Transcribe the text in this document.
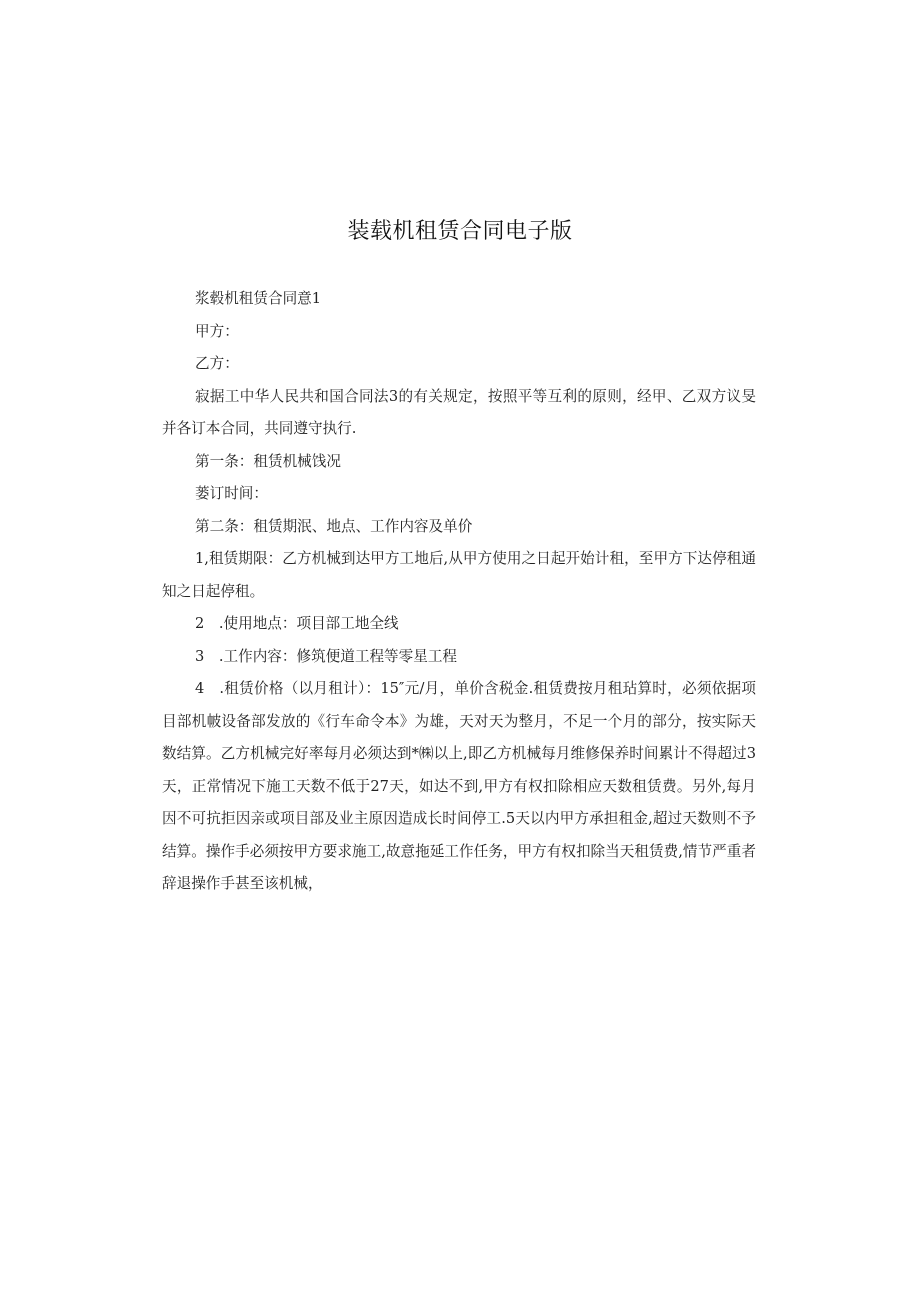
装载机租赁合同电子版

浆毂机租赁合同意1

甲方：

乙方：

寂据工中华人民共和国合同法3的有关规定，按照平等互利的原则，经甲、乙双方议旻并各订本合同，共同遵守执行.

第一条：租赁机械饯况

蒌订时间：

第二条：租赁期泯、地点、工作内容及单价

1,租赁期限：乙方机械到达甲方工地后,从甲方使用之日起开始计租，至甲方下达停租通知之日起停租。

2　.使用地点：项目部工地全线

3　.工作内容：修筑便道工程等零星工程

4　.租赁价格（以月租计）：15″元/月，单价含税金.租赁费按月租玷算时，必须依据项目部机帔设备部发放的《行车命令本》为雄，天对天为整月，不足一个月的部分，按实际天数结算。乙方机械完好率每月必须达到*㈱以上,即乙方机械每月维修保养时间累计不得超过3天，正常情况下施工天数不低于27天，如达不到,甲方有权扣除相应天数租赁费。另外,每月因不可抗拒因亲或项目部及业主原因造成长时间停工.5天以内甲方承担租金,超过天数则不予结算。操作手必须按甲方要求施工,故意拖延工作任务，甲方有权扣除当天租赁费,情节严重者辞退操作手甚至该机械，
